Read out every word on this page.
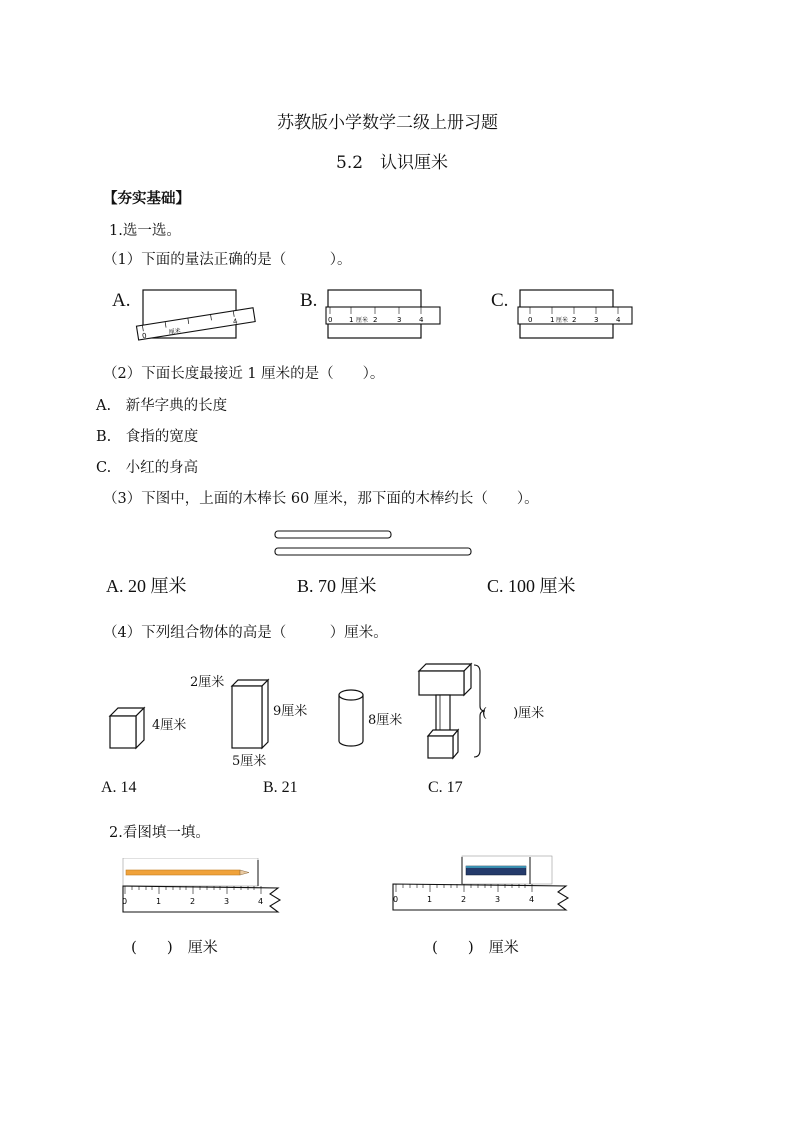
苏教版小学数学二级上册习题
5.2　认识厘米
【夯实基础】
1.选一选。
（1）下面的量法正确的是（　　　）。
A.	B.	C.
0	厘米
4	0 1 厘米 2	3	4	0	1 厘米 2	3	4
（2）下面长度最接近 1 厘米的是（　　）。
A.　新华字典的长度
B.　食指的宽度
C.　小红的身高
（3）下图中，上面的木棒长 60 厘米，那下面的木棒约长（　　）。
A. 20 厘米	B. 70 厘米	C. 100 厘米
（4）下列组合物体的高是（　　　）厘米。
4厘米
2厘米
9厘米
5厘米
8厘米	(　　)厘米
A. 14	B. 21	C. 17
2.看图填一填。
0	1	2	3	4	0	1	2	3	4
(　　)　厘米	(　　)　厘米
